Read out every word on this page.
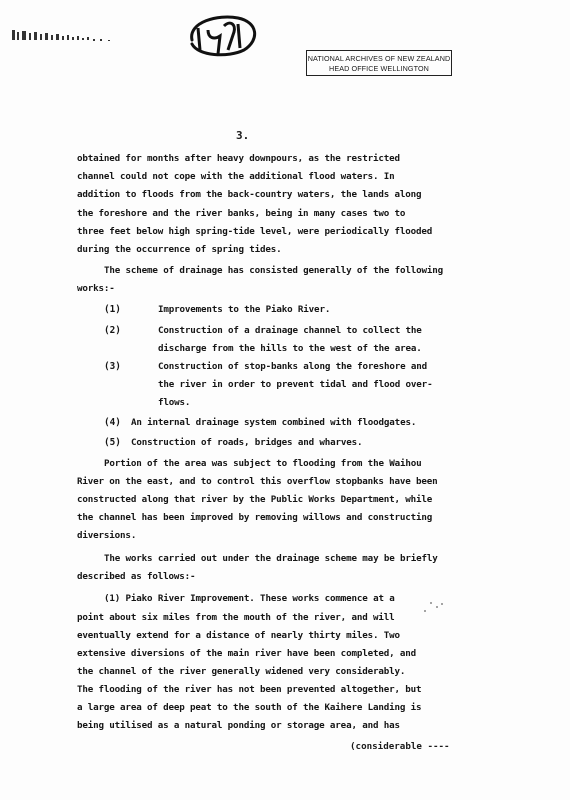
(14)
NATIONAL ARCHIVES OF NEW ZEALAND
HEAD OFFICE WELLINGTON
3.
obtained for months after heavy downpours, as the restricted
channel could not cope with the additional flood waters. In
addition to floods from the back-country waters, the lands along
the foreshore and the river banks, being in many cases two to
three feet below high spring-tide level, were periodically flooded
during the occurrence of spring tides.
The scheme of drainage has consisted generally of the following
works:-
(1)	Improvements to the Piako River.
(2)	Construction of a drainage channel to collect the
discharge from the hills to the west of the area.
(3)	Construction of stop-banks along the foreshore and
the river in order to prevent tidal and flood over-
flows.
(4) An internal drainage system combined with floodgates.
(5) Construction of roads, bridges and wharves.
Portion of the area was subject to flooding from the Waihou
River on the east, and to control this overflow stopbanks have been
constructed along that river by the Public Works Department, while
the channel has been improved by removing willows and constructing
diversions.
The works carried out under the drainage scheme may be briefly
described as follows:-
(1) Piako River Improvement. These works commence at a
point about six miles from the mouth of the river, and will
eventually extend for a distance of nearly thirty miles. Two
extensive diversions of the main river have been completed, and
the channel of the river generally widened very considerably.
The flooding of the river has not been prevented altogether, but
a large area of deep peat to the south of the Kaihere Landing is
being utilised as a natural ponding or storage area, and has
(considerable ----
